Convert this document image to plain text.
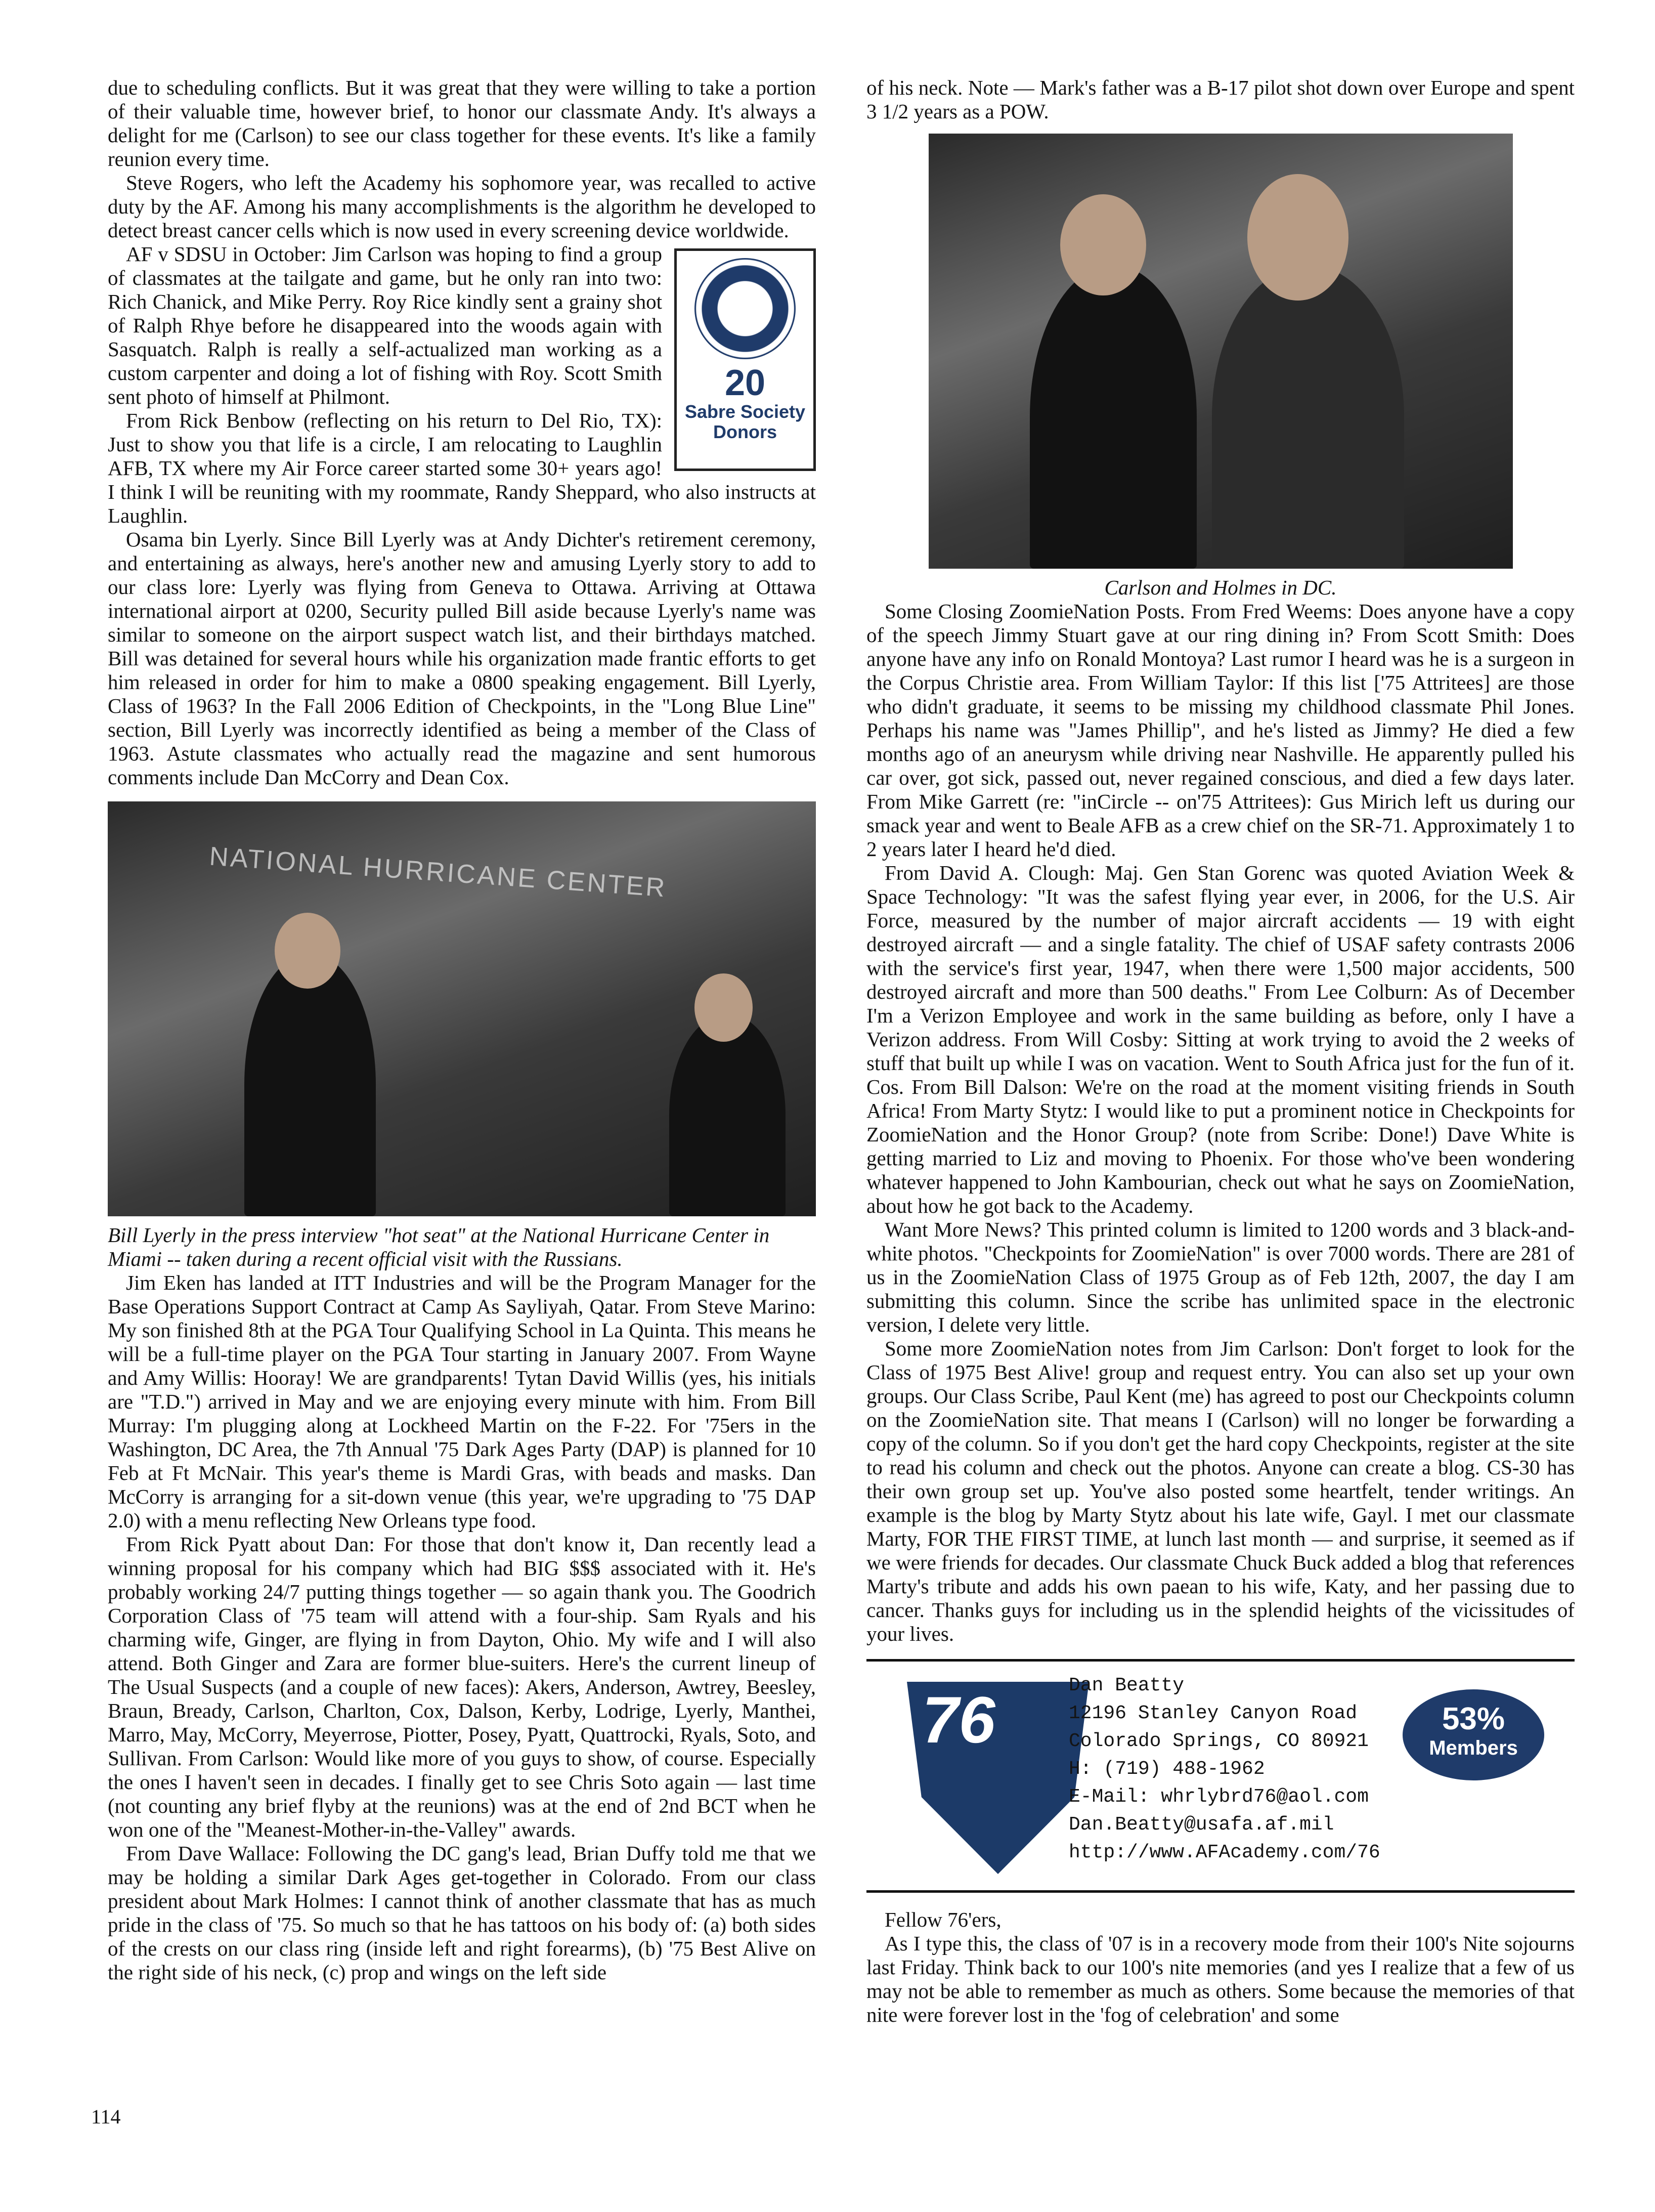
due to scheduling conflicts. But it was great that they were willing to take a portion of their valuable time, however brief, to honor our classmate Andy. It's always a delight for me (Carlson) to see our class together for these events. It's like a family reunion every time.

Steve Rogers, who left the Academy his sophomore year, was recalled to active duty by the AF. Among his many accomplishments is the algorithm he developed to detect breast cancer cells which is now used in every screening device worldwide.

20
Sabre Society
Donors

AF v SDSU in October: Jim Carlson was hoping to find a group of classmates at the tailgate and game, but he only ran into two: Rich Chanick, and Mike Perry. Roy Rice kindly sent a grainy shot of Ralph Rhye before he disappeared into the woods again with Sasquatch. Ralph is really a self-actualized man working as a custom carpenter and doing a lot of fishing with Roy. Scott Smith sent photo of himself at Philmont.

From Rick Benbow (reflecting on his return to Del Rio, TX): Just to show you that life is a circle, I am relocating to Laughlin AFB, TX where my Air Force career started some 30+ years ago! I think I will be reuniting with my roommate, Randy Sheppard, who also instructs at Laughlin.

Osama bin Lyerly. Since Bill Lyerly was at Andy Dichter's retirement ceremony, and entertaining as always, here's another new and amusing Lyerly story to add to our class lore: Lyerly was flying from Geneva to Ottawa. Arriving at Ottawa international airport at 0200, Security pulled Bill aside because Lyerly's name was similar to someone on the airport suspect watch list, and their birthdays matched. Bill was detained for several hours while his organization made frantic efforts to get him released in order for him to make a 0800 speaking engagement. Bill Lyerly, Class of 1963? In the Fall 2006 Edition of Checkpoints, in the "Long Blue Line" section, Bill Lyerly was incorrectly identified as being a member of the Class of 1963. Astute classmates who actually read the magazine and sent humorous comments include Dan McCorry and Dean Cox.

NATIONAL HURRICANE CENTER

Bill Lyerly in the press interview "hot seat" at the National Hurricane Center in Miami -- taken during a recent official visit with the Russians.

Jim Eken has landed at ITT Industries and will be the Program Manager for the Base Operations Support Contract at Camp As Sayliyah, Qatar. From Steve Marino: My son finished 8th at the PGA Tour Qualifying School in La Quinta. This means he will be a full-time player on the PGA Tour starting in January 2007. From Wayne and Amy Willis: Hooray! We are grandparents! Tytan David Willis (yes, his initials are "T.D.") arrived in May and we are enjoying every minute with him. From Bill Murray: I'm plugging along at Lockheed Martin on the F-22. For '75ers in the Washington, DC Area, the 7th Annual '75 Dark Ages Party (DAP) is planned for 10 Feb at Ft McNair. This year's theme is Mardi Gras, with beads and masks. Dan McCorry is arranging for a sit-down venue (this year, we're upgrading to '75 DAP 2.0) with a menu reflecting New Orleans type food.

From Rick Pyatt about Dan: For those that don't know it, Dan recently lead a winning proposal for his company which had BIG $$$ associated with it. He's probably working 24/7 putting things together — so again thank you. The Goodrich Corporation Class of '75 team will attend with a four-ship. Sam Ryals and his charming wife, Ginger, are flying in from Dayton, Ohio. My wife and I will also attend. Both Ginger and Zara are former blue-suiters. Here's the current lineup of The Usual Suspects (and a couple of new faces): Akers, Anderson, Awtrey, Beesley, Braun, Bready, Carlson, Charlton, Cox, Dalson, Kerby, Lodrige, Lyerly, Manthei, Marro, May, McCorry, Meyerrose, Piotter, Posey, Pyatt, Quattrocki, Ryals, Soto, and Sullivan. From Carlson: Would like more of you guys to show, of course. Especially the ones I haven't seen in decades. I finally get to see Chris Soto again — last time (not counting any brief flyby at the reunions) was at the end of 2nd BCT when he won one of the "Meanest-Mother-in-the-Valley" awards.

From Dave Wallace: Following the DC gang's lead, Brian Duffy told me that we may be holding a similar Dark Ages get-together in Colorado. From our class president about Mark Holmes: I cannot think of another classmate that has as much pride in the class of '75. So much so that he has tattoos on his body of: (a) both sides of the crests on our class ring (inside left and right forearms), (b) '75 Best Alive on the right side of his neck, (c) prop and wings on the left side

of his neck. Note — Mark's father was a B-17 pilot shot down over Europe and spent 3 1/2 years as a POW.

Carlson and Holmes in DC.

Some Closing ZoomieNation Posts. From Fred Weems: Does anyone have a copy of the speech Jimmy Stuart gave at our ring dining in? From Scott Smith: Does anyone have any info on Ronald Montoya? Last rumor I heard was he is a surgeon in the Corpus Christie area. From William Taylor: If this list ['75 Attritees] are those who didn't graduate, it seems to be missing my childhood classmate Phil Jones. Perhaps his name was "James Phillip", and he's listed as Jimmy? He died a few months ago of an aneurysm while driving near Nashville. He apparently pulled his car over, got sick, passed out, never regained conscious, and died a few days later. From Mike Garrett (re: "inCircle -- on'75 Attritees): Gus Mirich left us during our smack year and went to Beale AFB as a crew chief on the SR-71. Approximately 1 to 2 years later I heard he'd died.

From David A. Clough: Maj. Gen Stan Gorenc was quoted Aviation Week & Space Technology: "It was the safest flying year ever, in 2006, for the U.S. Air Force, measured by the number of major aircraft accidents — 19 with eight destroyed aircraft — and a single fatality. The chief of USAF safety contrasts 2006 with the service's first year, 1947, when there were 1,500 major accidents, 500 destroyed aircraft and more than 500 deaths." From Lee Colburn: As of December I'm a Verizon Employee and work in the same building as before, only I have a Verizon address. From Will Cosby: Sitting at work trying to avoid the 2 weeks of stuff that built up while I was on vacation. Went to South Africa just for the fun of it. Cos. From Bill Dalson: We're on the road at the moment visiting friends in South Africa! From Marty Stytz: I would like to put a prominent notice in Checkpoints for ZoomieNation and the Honor Group? (note from Scribe: Done!) Dave White is getting married to Liz and moving to Phoenix. For those who've been wondering whatever happened to John Kambourian, check out what he says on ZoomieNation, about how he got back to the Academy.

Want More News? This printed column is limited to 1200 words and 3 black-and-white photos. "Checkpoints for ZoomieNation" is over 7000 words. There are 281 of us in the ZoomieNation Class of 1975 Group as of Feb 12th, 2007, the day I am submitting this column. Since the scribe has unlimited space in the electronic version, I delete very little.

Some more ZoomieNation notes from Jim Carlson: Don't forget to look for the Class of 1975 Best Alive! group and request entry. You can also set up your own groups. Our Class Scribe, Paul Kent (me) has agreed to post our Checkpoints column on the ZoomieNation site. That means I (Carlson) will no longer be forwarding a copy of the column. So if you don't get the hard copy Checkpoints, register at the site to read his column and check out the photos. Anyone can create a blog. CS-30 has their own group set up. You've also posted some heartfelt, tender writings. An example is the blog by Marty Stytz about his late wife, Gayl. I met our classmate Marty, FOR THE FIRST TIME, at lunch last month — and surprise, it seemed as if we were friends for decades. Our classmate Chuck Buck added a blog that references Marty's tribute and adds his own paean to his wife, Katy, and her passing due to cancer. Thanks guys for including us in the splendid heights of the vicissitudes of your lives.

76	Dan Beatty
12196 Stanley Canyon Road
Colorado Springs, CO 80921
H: (719) 488-1962
E-Mail: whrlybrd76@aol.com
Dan.Beatty@usafa.af.mil
http://www.AFAcademy.com/76
53%
Members

Fellow 76'ers,

As I type this, the class of '07 is in a recovery mode from their 100's Nite sojourns last Friday. Think back to our 100's nite memories (and yes I realize that a few of us may not be able to remember as much as others. Some because the memories of that nite were forever lost in the 'fog of celebration' and some

114
